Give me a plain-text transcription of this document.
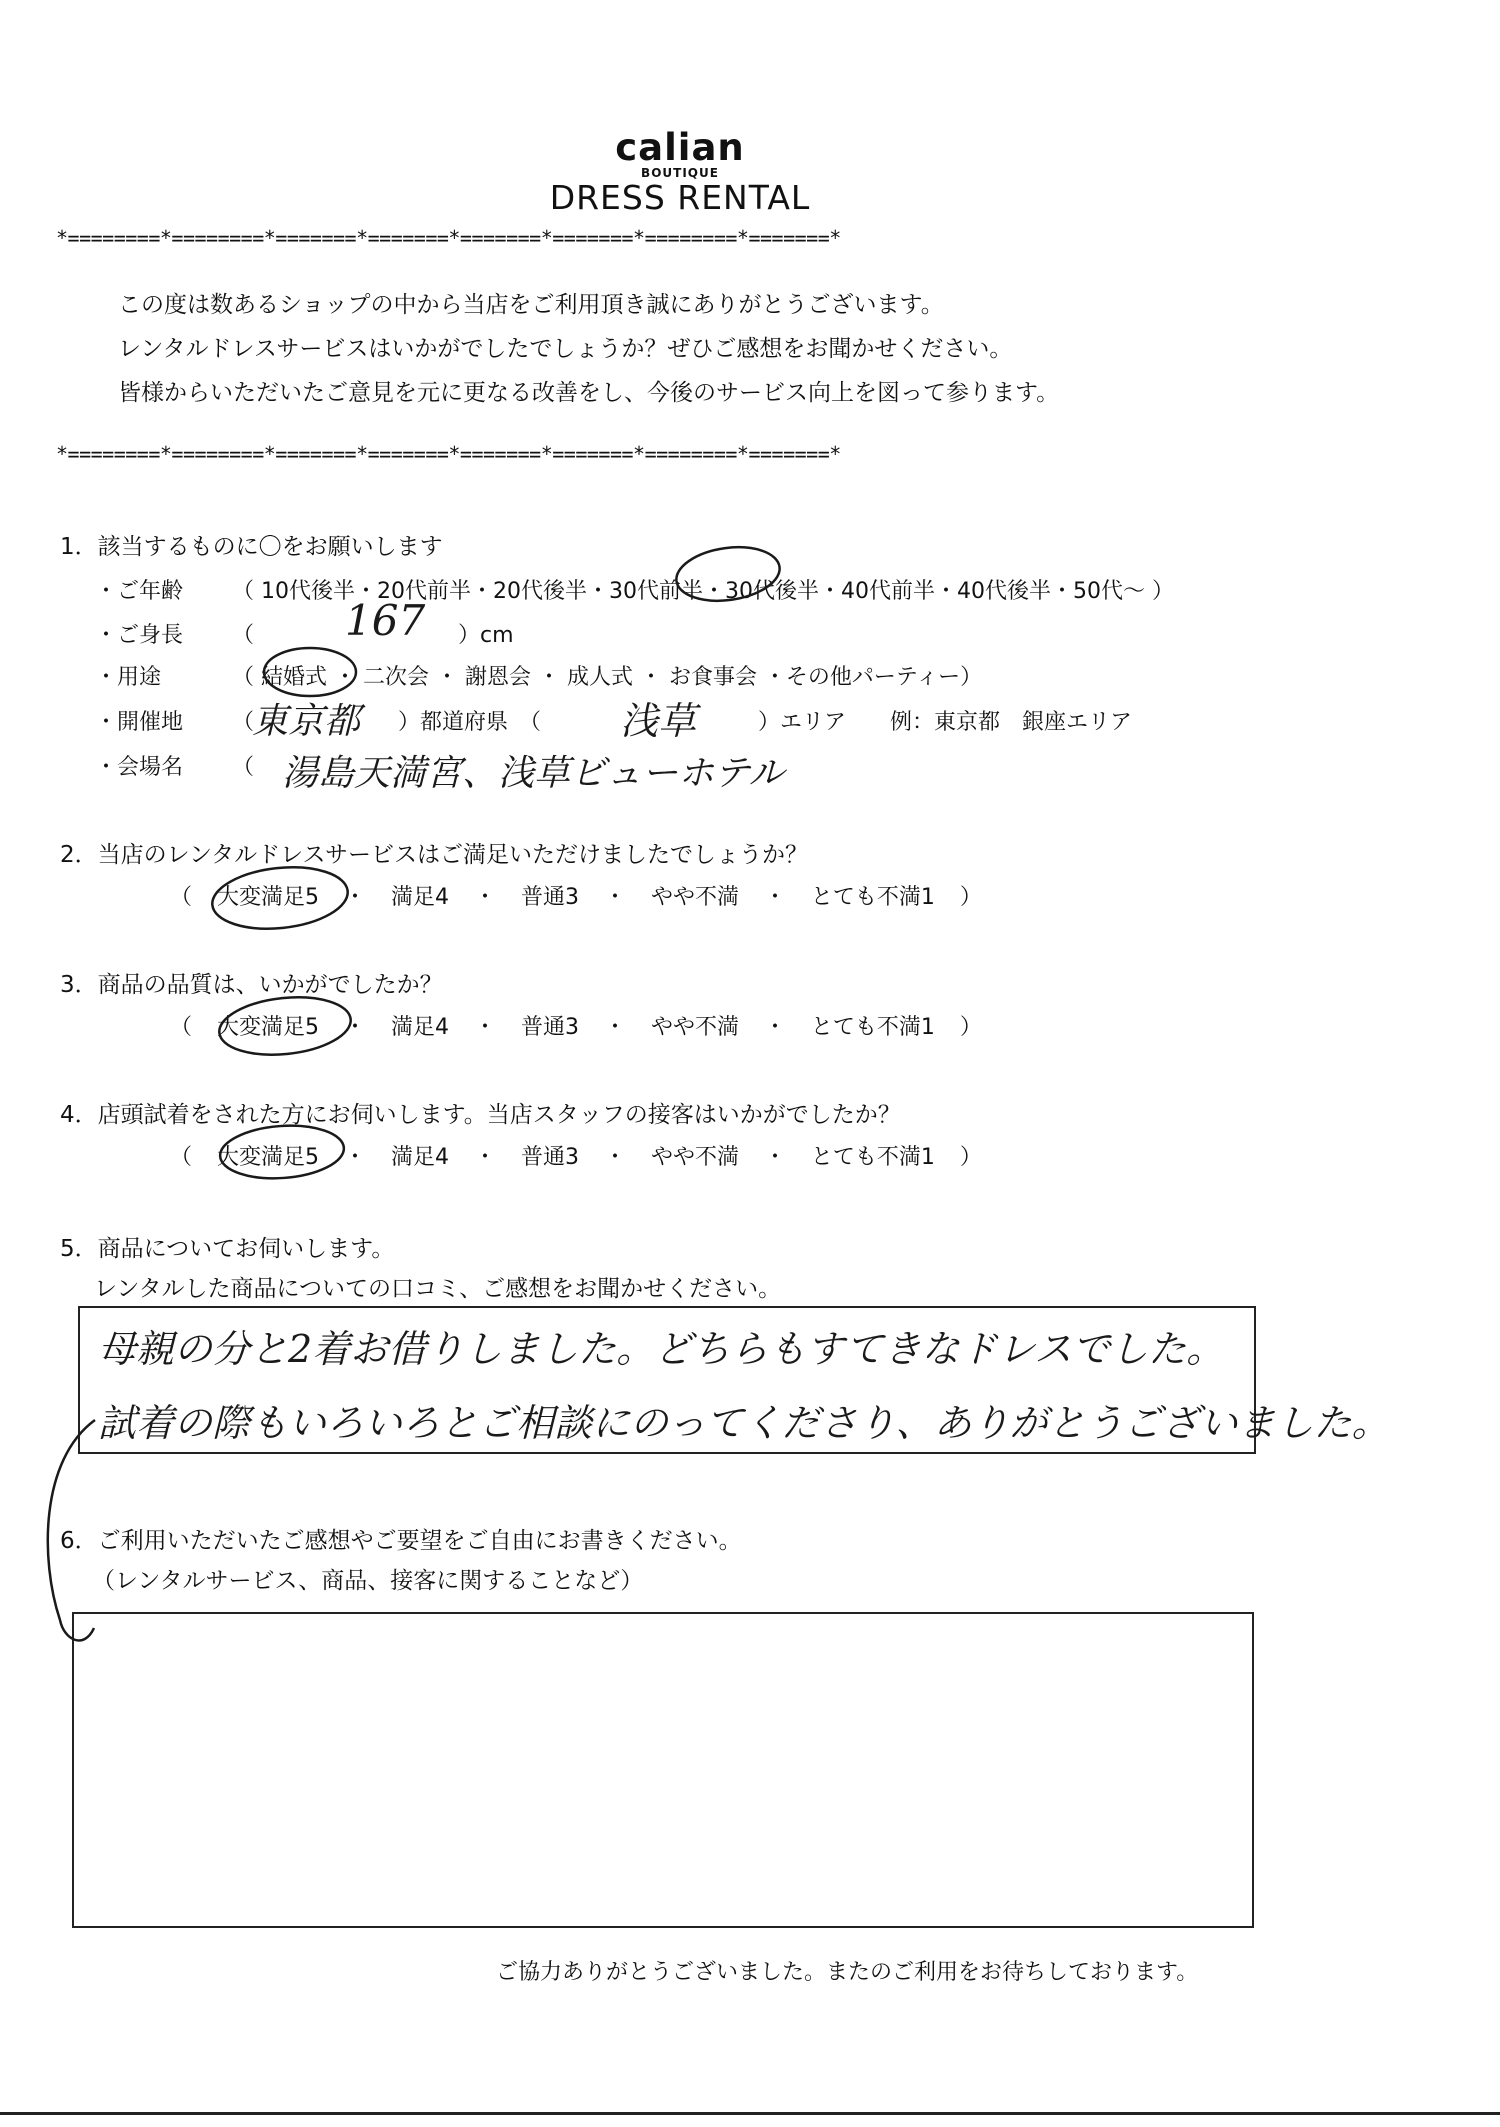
calian
BOUTIQUE
DRESS RENTAL
*========*========*=======*=======*=======*=======*========*=======*
この度は数あるショップの中から当店をご利用頂き誠にありがとうございます。
レンタルドレスサービスはいかがでしたでしょうか？ぜひご感想をお聞かせください。
皆様からいただいたご意見を元に更なる改善をし、今後のサービス向上を図って参ります。
*========*========*=======*=======*=======*=======*========*=======*
1．該当するものに〇をお願いします
・ご年齢 （ 10代後半・20代前半・20代後半・30代前半・30代後半・40代前半・40代後半・50代〜 ）
・ご身長 （ 167 ）cm
・用途	（ 結婚式 ・ 二次会 ・ 謝恩会 ・ 成人式 ・ お食事会 ・その他パーティー）
・開催地 （
東京都 ）都道府県　（ 浅草	）エリア　　例：東京都　銀座エリア
・会場名 （ 湯島天満宮、浅草ビューホテル
2．当店のレンタルドレスサービスはご満足いただけましたでしょうか？
（ 大変満足5 ・ 満足4 ・ 普通3 ・ やや不満 ・ とても不満1 ）
3．商品の品質は、いかがでしたか？
（ 大変満足5 ・ 満足4 ・ 普通3 ・ やや不満 ・ とても不満1 ）
4．店頭試着をされた方にお伺いします。当店スタッフの接客はいかがでしたか？
（ 大変満足5 ・ 満足4 ・ 普通3 ・ やや不満 ・ とても不満1 ）
5．商品についてお伺いします。
レンタルした商品についての口コミ、ご感想をお聞かせください。
母親の分と2着お借りしました。どちらもすてきなドレスでした。
試着の際もいろいろとご相談にのってくださり、ありがとうございました。
6．ご利用いただいたご感想やご要望をご自由にお書きください。
（レンタルサービス、商品、接客に関することなど）
ご協力ありがとうございました。またのご利用をお待ちしております。
